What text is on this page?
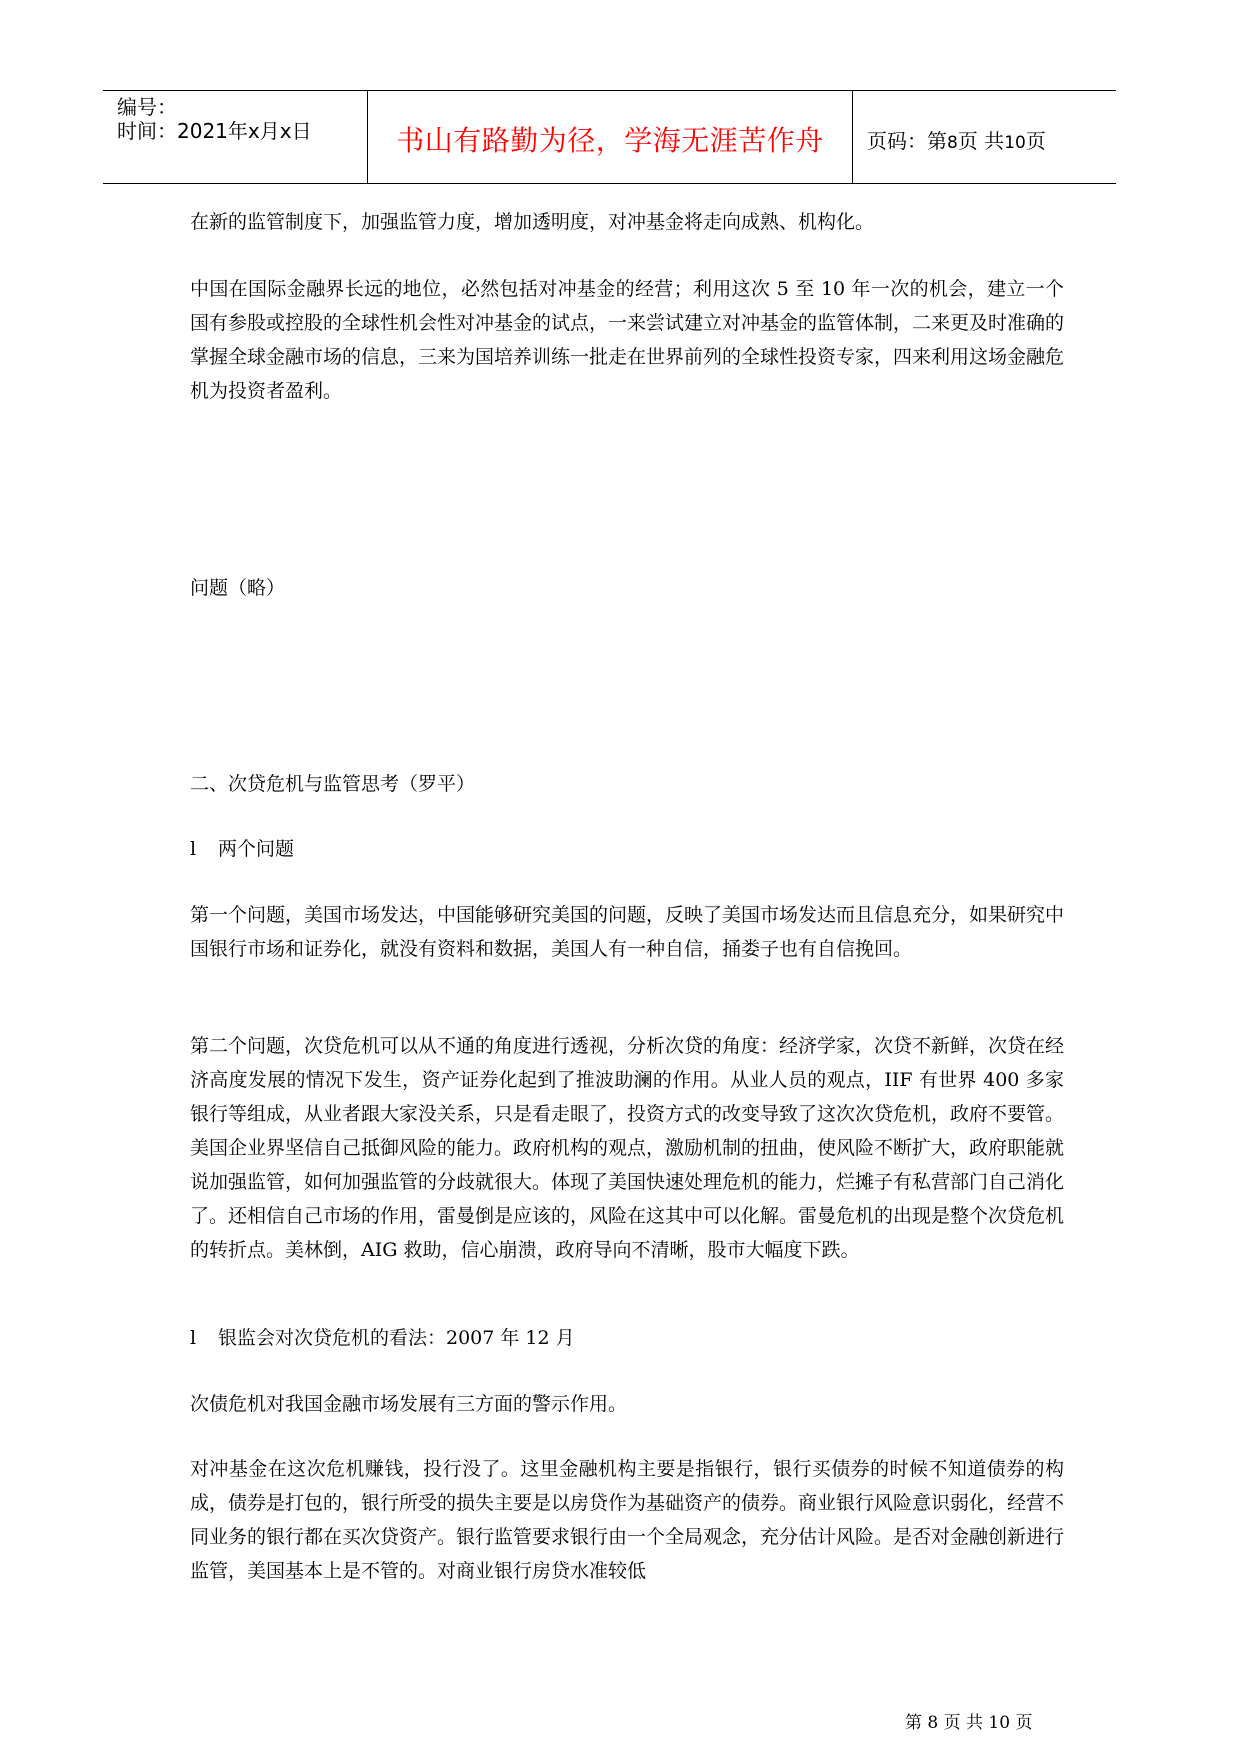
编号：
时间：2021年x月x日	书山有路勤为径，学海无涯苦作舟	页码：第8页 共10页

在新的监管制度下，加强监管力度，增加透明度，对冲基金将走向成熟、机构化。

中国在国际金融界长远的地位，必然包括对冲基金的经营；利用这次 5 至 10 年一次的机会，建立一个国有参股或控股的全球性机会性对冲基金的试点，一来尝试建立对冲基金的监管体制，二来更及时准确的掌握全球金融市场的信息，三来为国培养训练一批走在世界前列的全球性投资专家，四来利用这场金融危机为投资者盈利。

问题（略）

二、次贷危机与监管思考（罗平）

l 两个问题

第一个问题，美国市场发达，中国能够研究美国的问题，反映了美国市场发达而且信息充分，如果研究中国银行市场和证券化，就没有资料和数据，美国人有一种自信，捅娄子也有自信挽回。

第二个问题，次贷危机可以从不通的角度进行透视，分析次贷的角度：经济学家，次贷不新鲜，次贷在经济高度发展的情况下发生，资产证券化起到了推波助澜的作用。从业人员的观点，IIF 有世界 400 多家银行等组成，从业者跟大家没关系，只是看走眼了，投资方式的改变导致了这次次贷危机，政府不要管。美国企业界坚信自己抵御风险的能力。政府机构的观点，激励机制的扭曲，使风险不断扩大，政府职能就说加强监管，如何加强监管的分歧就很大。体现了美国快速处理危机的能力，烂摊子有私营部门自己消化了。还相信自己市场的作用，雷曼倒是应该的，风险在这其中可以化解。雷曼危机的出现是整个次贷危机的转折点。美林倒，AIG 救助，信心崩溃，政府导向不清晰，股市大幅度下跌。

l 银监会对次贷危机的看法：2007 年 12 月

次债危机对我国金融市场发展有三方面的警示作用。

对冲基金在这次危机赚钱，投行没了。这里金融机构主要是指银行，银行买债券的时候不知道债券的构成，债券是打包的，银行所受的损失主要是以房贷作为基础资产的债券。商业银行风险意识弱化，经营不同业务的银行都在买次贷资产。银行监管要求银行由一个全局观念，充分估计风险。是否对金融创新进行监管，美国基本上是不管的。对商业银行房贷水准较低

第 8 页 共 10 页
